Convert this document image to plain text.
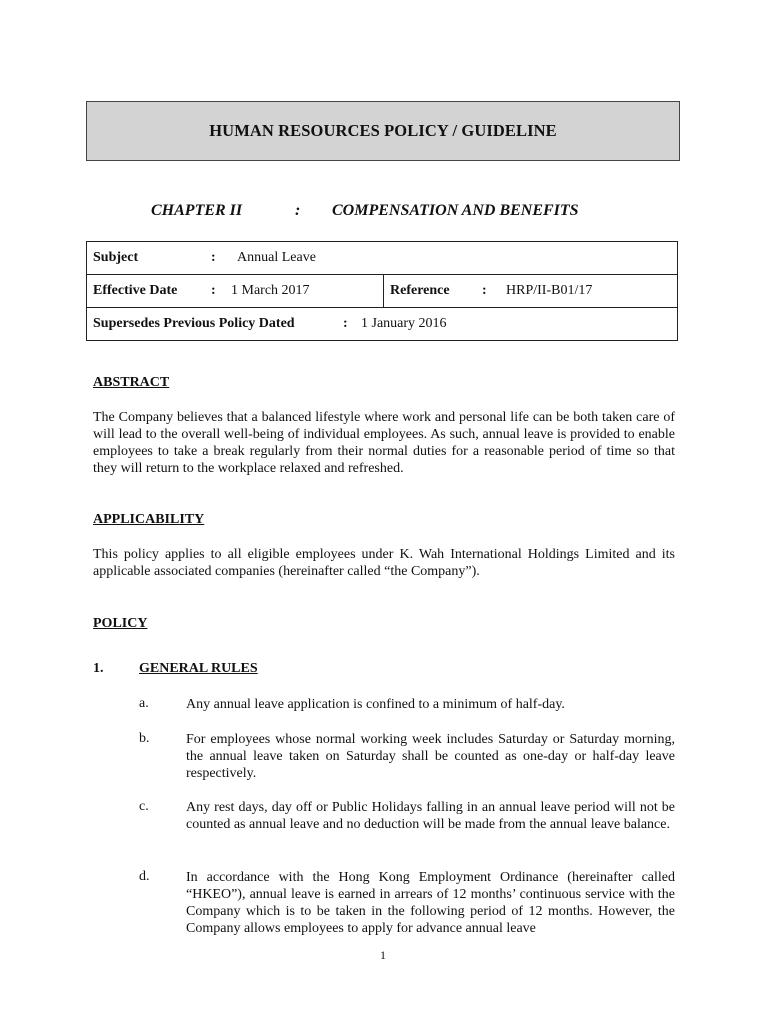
HUMAN RESOURCES POLICY / GUIDELINE
CHAPTER II	: COMPENSATION AND BENEFITS
Subject	: Annual Leave
Effective Date : 1 March 2017	Reference : HRP/II-B01/17
Supersedes Previous Policy Dated	: 1 January 2016
ABSTRACT

The Company believes that a balanced lifestyle where work and personal life can be both taken care of will lead to the overall well-being of individual employees. As such, annual leave is provided to enable employees to take a break regularly from their normal duties for a reasonable period of time so that they will return to the workplace relaxed and refreshed.

APPLICABILITY

This policy applies to all eligible employees under K. Wah International Holdings Limited and its applicable associated companies (hereinafter called “the Company”).

POLICY
1.	GENERAL RULES
a.	Any annual leave application is confined to a minimum of half-day.

b.	For employees whose normal working week includes Saturday or Saturday morning, the annual leave taken on Saturday shall be counted as one-day or half-day leave respectively.

c.	Any rest days, day off or Public Holidays falling in an annual leave period will not be counted as annual leave and no deduction will be made from the annual leave balance.

d.	In accordance with the Hong Kong Employment Ordinance (hereinafter called “HKEO”), annual leave is earned in arrears of 12 months’ continuous service with the Company which is to be taken in the following period of 12 months. However, the Company allows employees to apply for advance annual leave

1
